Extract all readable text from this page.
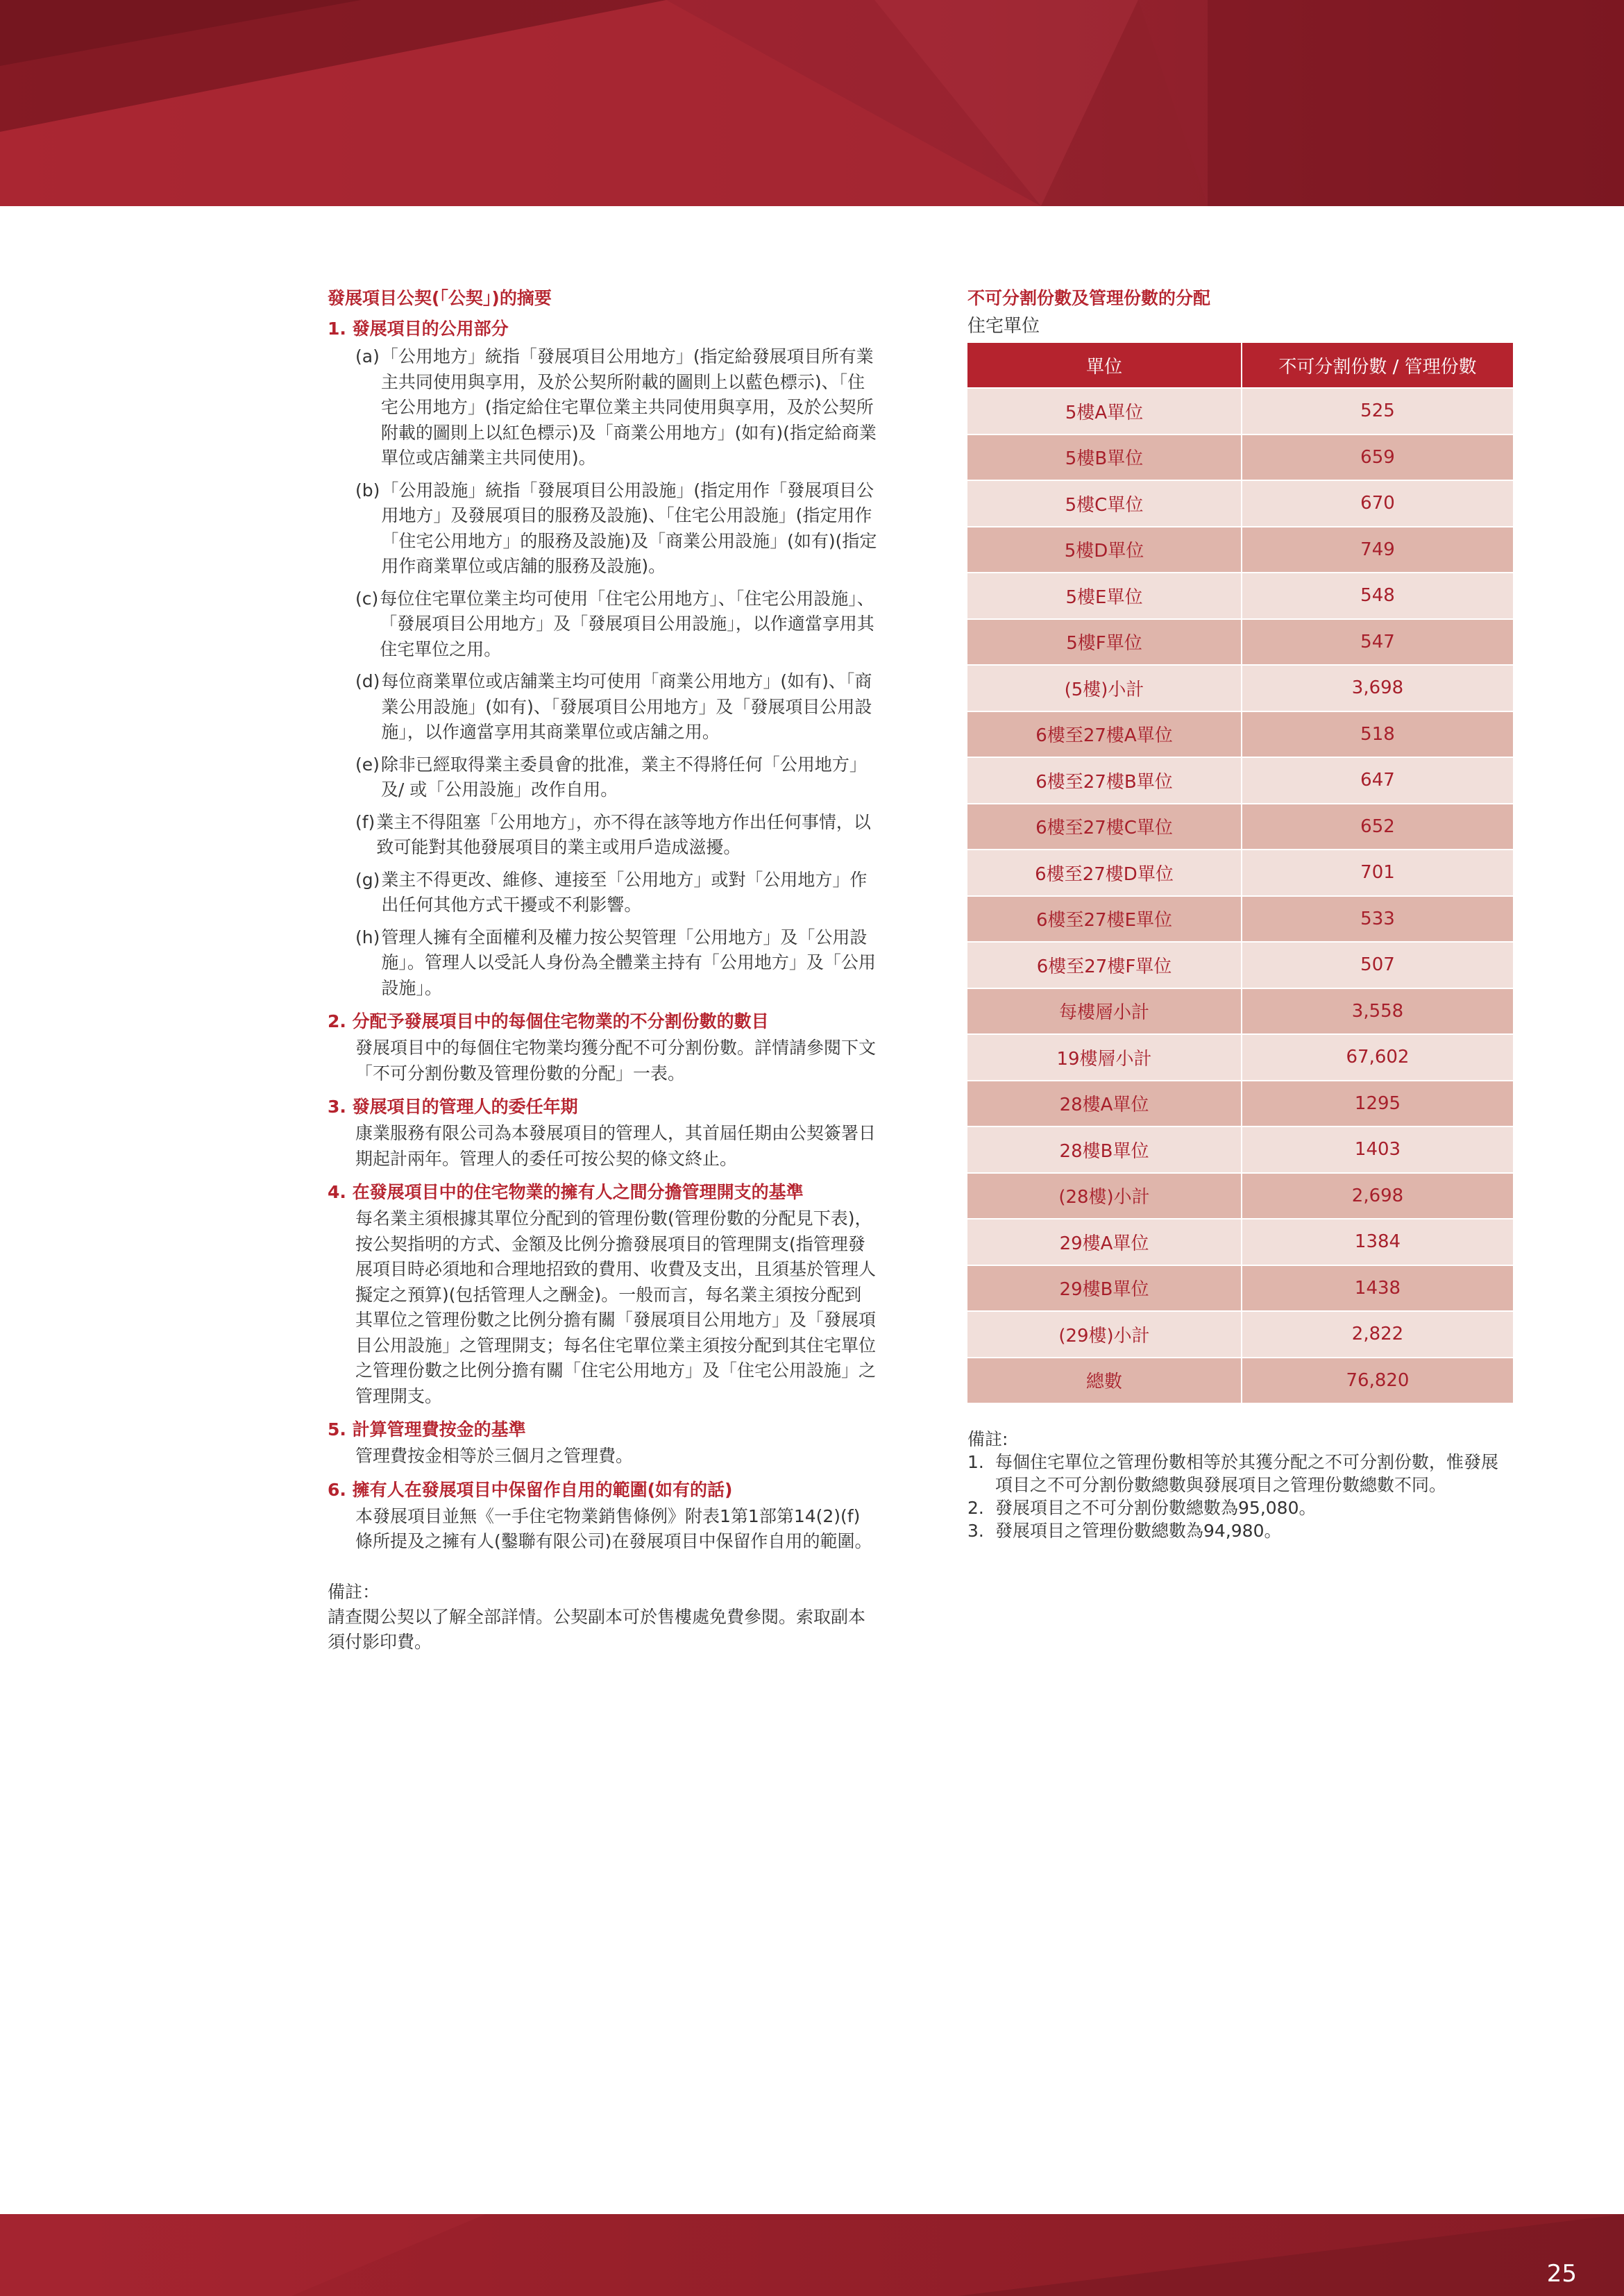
發展項目公契(「公契」)的摘要
1. 發展項目的公用部分
(a) 「公用地方」統指「發展項目公用地方」(指定給發展項目所有業主共同使用與享用，及於公契所附載的圖則上以藍色標示)、「住宅公用地方」(指定給住宅單位業主共同使用與享用，及於公契所附載的圖則上以紅色標示)及「商業公用地方」(如有)(指定給商業單位或店舖業主共同使用)。
(b) 「公用設施」統指「發展項目公用設施」(指定用作「發展項目公用地方」及發展項目的服務及設施)、「住宅公用設施」(指定用作「住宅公用地方」的服務及設施)及「商業公用設施」(如有)(指定用作商業單位或店舖的服務及設施)。
(c) 每位住宅單位業主均可使用「住宅公用地方」、「住宅公用設施」、「發展項目公用地方」及「發展項目公用設施」，以作適當享用其住宅單位之用。
(d) 每位商業單位或店舖業主均可使用「商業公用地方」(如有)、「商業公用設施」(如有)、「發展項目公用地方」及「發展項目公用設施」，以作適當享用其商業單位或店舖之用。
(e) 除非已經取得業主委員會的批准，業主不得將任何「公用地方」及/ 或「公用設施」改作自用。
(f) 業主不得阻塞「公用地方」，亦不得在該等地方作出任何事情，以致可能對其他發展項目的業主或用戶造成滋擾。
(g) 業主不得更改、維修、連接至「公用地方」或對「公用地方」作出任何其他方式干擾或不利影響。
(h) 管理人擁有全面權利及權力按公契管理「公用地方」及「公用設施」。管理人以受託人身份為全體業主持有「公用地方」及「公用設施」。
2. 分配予發展項目中的每個住宅物業的不分割份數的數目
發展項目中的每個住宅物業均獲分配不可分割份數。詳情請參閱下文「不可分割份數及管理份數的分配」一表。
3. 發展項目的管理人的委任年期
康業服務有限公司為本發展項目的管理人，其首屆任期由公契簽署日期起計兩年。管理人的委任可按公契的條文終止。
4. 在發展項目中的住宅物業的擁有人之間分擔管理開支的基準
每名業主須根據其單位分配到的管理份數(管理份數的分配見下表)，按公契指明的方式、金額及比例分擔發展項目的管理開支(指管理發展項目時必須地和合理地招致的費用、收費及支出，且須基於管理人擬定之預算)(包括管理人之酬金)。一般而言，每名業主須按分配到其單位之管理份數之比例分擔有關「發展項目公用地方」及「發展項目公用設施」之管理開支；每名住宅單位業主須按分配到其住宅單位之管理份數之比例分擔有關「住宅公用地方」及「住宅公用設施」之管理開支。
5. 計算管理費按金的基準
管理費按金相等於三個月之管理費。
6. 擁有人在發展項目中保留作自用的範圍(如有的話)
本發展項目並無《一手住宅物業銷售條例》附表1第1部第14(2)(f)條所提及之擁有人(鑿聯有限公司)在發展項目中保留作自用的範圍。
備註：
請查閱公契以了解全部詳情。公契副本可於售樓處免費參閱。索取副本須付影印費。
不可分割份數及管理份數的分配
住宅單位
單位	不可分割份數 / 管理份數
5樓A單位	525
5樓B單位	659
5樓C單位	670
5樓D單位	749
5樓E單位	548
5樓F單位	547
(5樓)小計	3,698
6樓至27樓A單位	518
6樓至27樓B單位	647
6樓至27樓C單位	652
6樓至27樓D單位	701
6樓至27樓E單位	533
6樓至27樓F單位	507
每樓層小計	3,558
19樓層小計	67,602
28樓A單位	1295
28樓B單位	1403
(28樓)小計	2,698
29樓A單位	1384
29樓B單位	1438
(29樓)小計	2,822
總數	76,820
備註:
1. 每個住宅單位之管理份數相等於其獲分配之不可分割份數，惟發展項目之不可分割份數總數與發展項目之管理份數總數不同。
2. 發展項目之不可分割份數總數為95,080。
3. 發展項目之管理份數總數為94,980。
25
